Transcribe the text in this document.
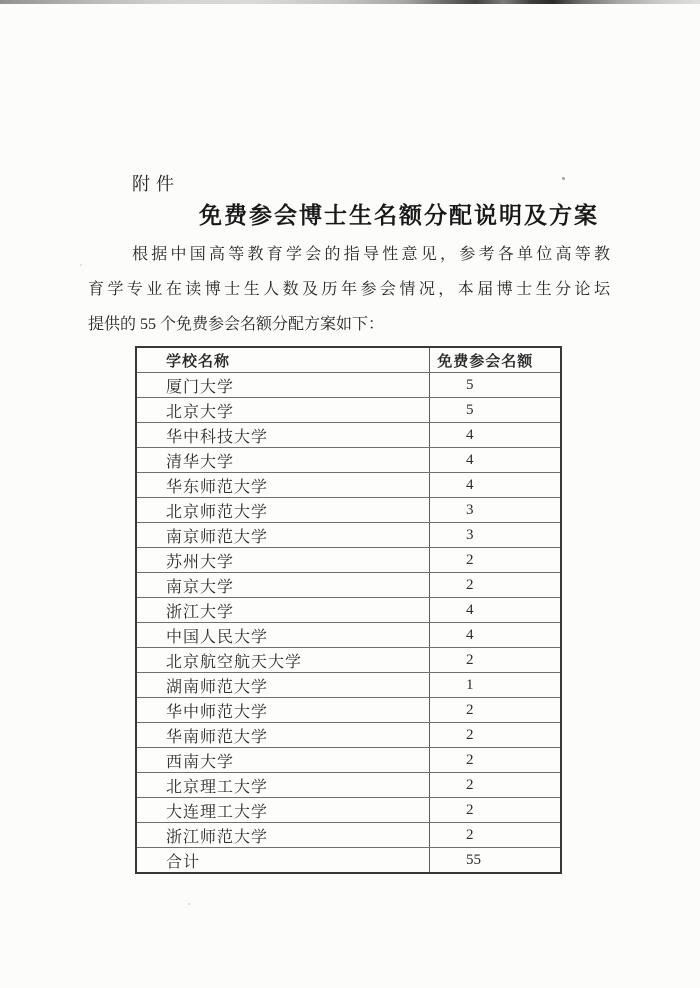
附件
免费参会博士生名额分配说明及方案
根据中国高等教育学会的指导性意见，参考各单位高等教
育学专业在读博士生人数及历年参会情况，本届博士生分论坛
提供的 55 个免费参会名额分配方案如下：
学校名称	免费参会名额
厦门大学	5
北京大学	5
华中科技大学	4
清华大学	4
华东师范大学	4
北京师范大学	3
南京师范大学	3
苏州大学	2
南京大学	2
浙江大学	4
中国人民大学	4
北京航空航天大学	2
湖南师范大学	1
华中师范大学	2
华南师范大学	2
西南大学	2
北京理工大学	2
大连理工大学	2
浙江师范大学	2
合计	55
